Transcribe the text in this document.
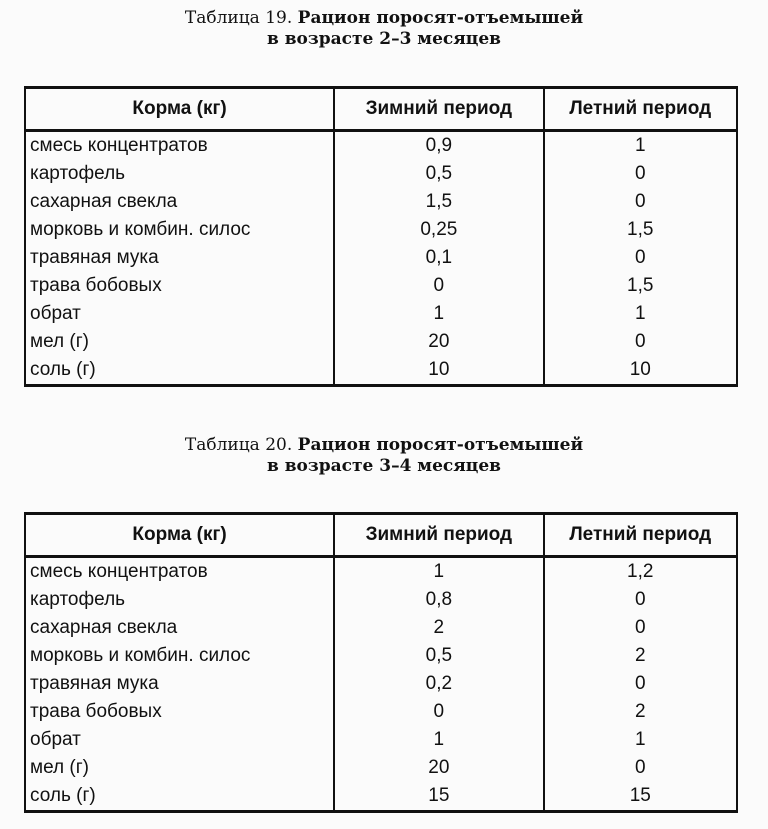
Таблица 19. Рацион поросят-отъемышей
в возрасте 2–3 месяцев
Корма (кг)	Зимний период	Летний период
смесь концентратов	0,9	1
картофель	0,5	0
сахарная свекла	1,5	0
морковь и комбин. силос	0,25	1,5
травяная мука	0,1	0
трава бобовых	0	1,5
обрат	1	1
мел (г)	20	0
соль (г)	10	10
Таблица 20. Рацион поросят-отъемышей
в возрасте 3–4 месяцев
Корма (кг)	Зимний период	Летний период
смесь концентратов	1	1,2
картофель	0,8	0
сахарная свекла	2	0
морковь и комбин. силос	0,5	2
травяная мука	0,2	0
трава бобовых	0	2
обрат	1	1
мел (г)	20	0
соль (г)	15	15
